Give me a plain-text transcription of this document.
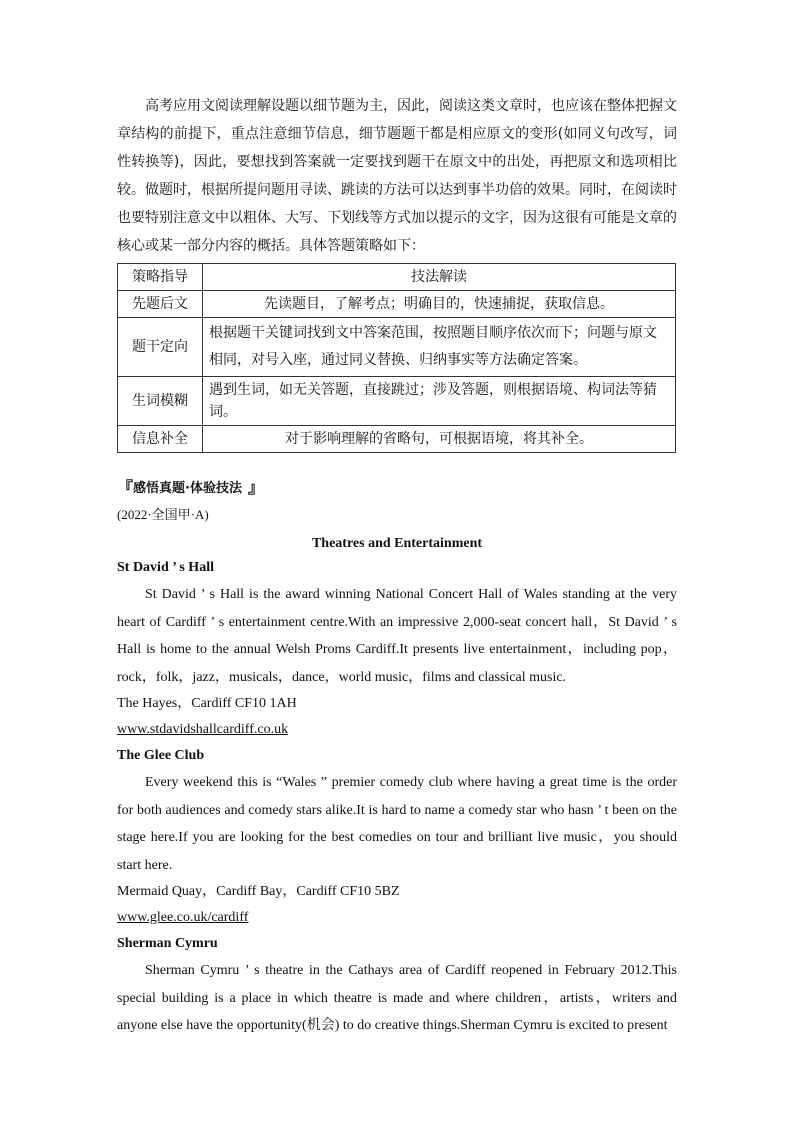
高考应用文阅读理解设题以细节题为主，因此，阅读这类文章时，也应该在整体把握文章结构的前提下，重点注意细节信息，细节题题干都是相应原文的变形(如同义句改写，词性转换等)，因此，要想找到答案就一定要找到题干在原文中的出处，再把原文和选项相比较。做题时，根据所提问题用寻读、跳读的方法可以达到事半功倍的效果。同时，在阅读时也要特别注意文中以粗体、大写、下划线等方式加以提示的文字，因为这很有可能是文章的核心或某一部分内容的概括。具体答题策略如下：

策略指导	技法解读
先题后文	先读题目，了解考点；明确目的，快速捕捉，获取信息。
题干定向	根据题干关键词找到文中答案范围，按照题目顺序依次而下；问题与原文相同，对号入座，通过同义替换、归纳事实等方法确定答案。
生词模糊	遇到生词，如无关答题，直接跳过；涉及答题，则根据语境、构词法等猜词。
信息补全	对于影响理解的省略句，可根据语境，将其补全。
『 感悟真题·体验技法 』
(2022·全国甲·A)
Theatres and Entertainment
St David ’ s Hall

St David ’ s Hall is the award winning National Concert Hall of Wales standing at the very heart of Cardiff ’ s entertainment centre.With an impressive 2,000-seat concert hall，St David ’ s Hall is home to the annual Welsh Proms Cardiff.It presents live entertainment，including pop，rock，folk，jazz，musicals，dance，world music，films and classical music.

The Hayes，Cardiff CF10 1AH
www.stdavidshallcardiff.co.uk
The Glee Club

Every weekend this is “Wales ” premier comedy club where having a great time is the order for both audiences and comedy stars alike.It is hard to name a comedy star who hasn ’ t been on the stage here.If you are looking for the best comedies on tour and brilliant live music，you should start here.

Mermaid Quay，Cardiff Bay，Cardiff CF10 5BZ
www.glee.co.uk/cardiff
Sherman Cymru

Sherman Cymru ’ s theatre in the Cathays area of Cardiff reopened in February 2012.This special building is a place in which theatre is made and where children，artists，writers and anyone else have the opportunity(机会) to do creative things.Sherman Cymru is excited to present
